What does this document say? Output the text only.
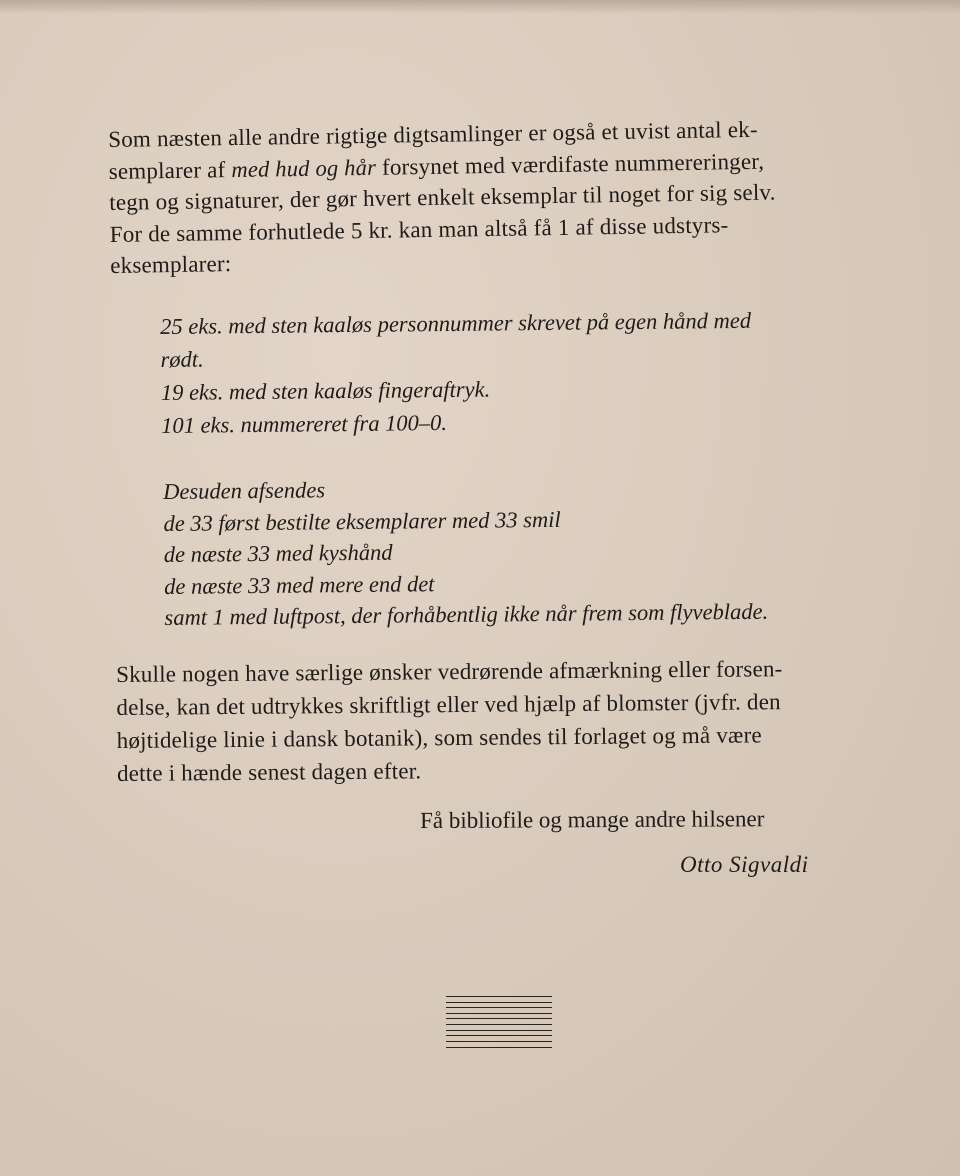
Som næsten alle andre rigtige digtsamlinger er også et uvist antal ek-
semplarer af med hud og hår forsynet med værdifaste nummereringer,
tegn og signaturer, der gør hvert enkelt eksemplar til noget for sig selv.
For de samme forhutlede 5 kr. kan man altså få 1 af disse udstyrs-
eksemplarer:
25 eks. med sten kaaløs personnummer skrevet på egen hånd med
rødt.
19 eks. med sten kaaløs fingeraftryk.
101 eks. nummereret fra 100–0.
Desuden afsendes
de 33 først bestilte eksemplarer med 33 smil
de næste 33 med kyshånd
de næste 33 med mere end det
samt 1 med luftpost, der forhåbentlig ikke når frem som flyveblade.
Skulle nogen have særlige ønsker vedrørende afmærkning eller forsen-
delse, kan det udtrykkes skriftligt eller ved hjælp af blomster (jvfr. den
højtidelige linie i dansk botanik), som sendes til forlaget og må være
dette i hænde senest dagen efter.
Få bibliofile og mange andre hilsener
Otto Sigvaldi
